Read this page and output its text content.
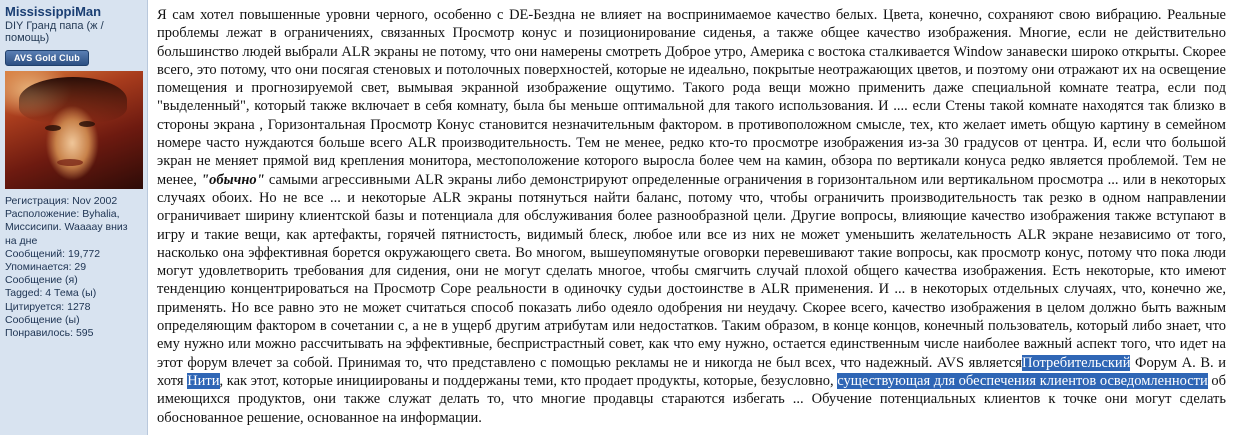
MississippiMan
DIY Гранд папа (ж / помощь)
AVS Gold Club
Регистрация: Nov 2002
Расположение: Byhalia, Миссисипи. Waaaay вниз на дне
Сообщений: 19,772
Упоминается: 29 Сообщение (я)
Tagged: 4 Тема (ы)
Цитируется: 1278 Сообщение (ы)
Понравилось: 595

Я сам хотел повышенные уровни черного, особенно с DE-Бездна не влияет на воспринимаемое качество белых. Цвета, конечно, сохраняют свою вибрацию. Реальные проблемы лежат в ограничениях, связанных Просмотр конус и позиционирование сиденья, а также общее качество изображения. Многие, если не действительно большинство людей выбрали ALR экраны не потому, что они намерены смотреть Доброе утро, Америка с востока сталкивается Window занавески широко открыты. Скорее всего, это потому, что они посягая стеновых и потолочных поверхностей, которые не идеально, покрытые неотражающих цветов, и поэтому они отражают их на освещение помещения и прогнозируемой свет, вымывая экранной изображение ощутимо. Такого рода вещи можно применить даже специальной комнате театра, если под "выделенный", который также включает в себя комнату, была бы меньше оптимальной для такого использования. И .... если Стены такой комнате находятся так близко в стороны экрана , Горизонтальная Просмотр Конус становится незначительным фактором. в противоположном смысле, тех, кто желает иметь общую картину в семейном номере часто нуждаются больше всего ALR производительность. Тем не менее, редко кто-то просмотре изображения из-за 30 градусов от центра. И, если что большой экран не меняет прямой вид крепления монитора, местоположение которого выросла более чем на камин, обзора по вертикали конуса редко является проблемой. Тем не менее, "обычно" самыми агрессивными ALR экраны либо демонстрируют определенные ограничения в горизонтальном или вертикальном просмотра ... или в некоторых случаях обоих. Но не все ... и некоторые ALR экраны потянуться найти баланс, потому что, чтобы ограничить производительность так резко в одном направлении ограничивает ширину клиентской базы и потенциала для обслуживания более разнообразной цели. Другие вопросы, влияющие качество изображения также вступают в игру и такие вещи, как артефакты, горячей пятнистость, видимый блеск, любое или все из них не может уменьшить желательность ALR экране независимо от того, насколько она эффективная борется окружающего света. Во многом, вышеупомянутые оговорки перевешивают такие вопросы, как просмотр конус, потому что пока люди могут удовлетворить требования для сидения, они не могут сделать многое, чтобы смягчить случай плохой общего качества изображения. Есть некоторые, кто имеют тенденцию концентрироваться на Просмотр Cope реальности в одиночку судьи достоинстве в ALR применения. И ... в некоторых отдельных случаях, что, конечно же, применять. Но все равно это не может считаться способ показать либо одеяло одобрения ни неудачу. Скорее всего, качество изображения в целом должно быть важным определяющим фактором в сочетании с, а не в ущерб другим атрибутам или недостатков. Таким образом, в конце концов, конечный пользователь, который либо знает, что ему нужно или можно рассчитывать на эффективные, беспристрастный совет, как что ему нужно, остается единственным числе наиболее важный аспект того, что идет на этот форум влечет за собой. Принимая то, что представлено с помощью рекламы не и никогда не был всех, что надежный. AVS являетсяПотребительский Форум А. В. и хотя Нити, как этот, которые инициированы и поддержаны теми, кто продает продукты, которые, безусловно, существующая для обеспечения клиентов осведомленности об имеющихся продуктов, они также служат делать то, что многие продавцы стараются избегать ... Обучение потенциальных клиентов к точке они могут сделать обоснованное решение, основанное на информации.
